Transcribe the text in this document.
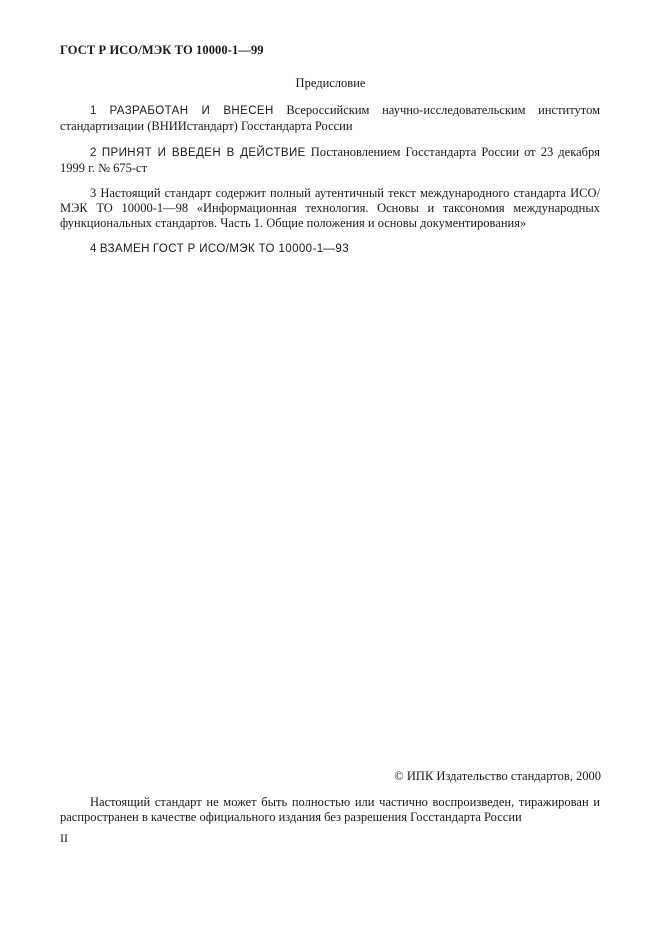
ГОСТ Р ИСО/МЭК ТО 10000-1—99
Предисловие

1 РАЗРАБОТАН И ВНЕСЕН Всероссийским научно-исследовательским институтом стандартизации (ВНИИстандарт) Госстандарта России

2 ПРИНЯТ И ВВЕДЕН В ДЕЙСТВИЕ Постановлением Госстандарта России от 23 декабря 1999 г. № 675-ст

3 Настоящий стандарт содержит полный аутентичный текст международного стандарта ИСО/МЭК ТО 10000-1—98 «Информационная технология. Основы и таксономия международных функциональных стандартов. Часть 1. Общие положения и основы документирования»

4 ВЗАМЕН ГОСТ Р ИСО/МЭК ТО 10000-1—93

© ИПК Издательство стандартов, 2000

Настоящий стандарт не может быть полностью или частично воспроизведен, тиражирован и распространен в качестве официального издания без разрешения Госстандарта России

II
